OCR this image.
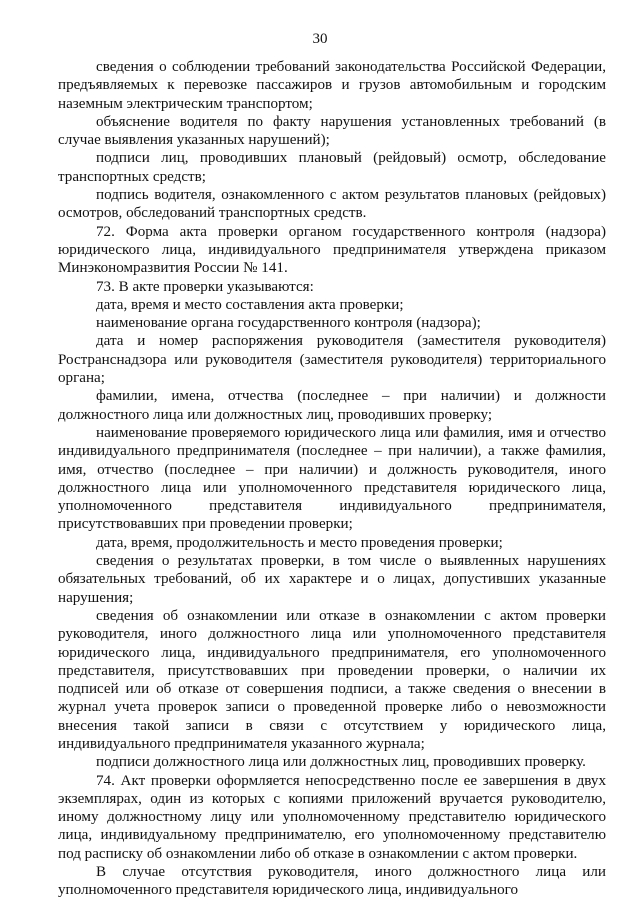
30

сведения о соблюдении требований законодательства Российской Федерации, предъявляемых к перевозке пассажиров и грузов автомобильным и городским наземным электрическим транспортом;

объяснение водителя по факту нарушения установленных требований (в случае выявления указанных нарушений);

подписи лиц, проводивших плановый (рейдовый) осмотр, обследование транспортных средств;

подпись водителя, ознакомленного с актом результатов плановых (рейдовых) осмотров, обследований транспортных средств.

72. Форма акта проверки органом государственного контроля (надзора) юридического лица, индивидуального предпринимателя утверждена приказом Минэкономразвития России № 141.

73. В акте проверки указываются:

дата, время и место составления акта проверки;

наименование органа государственного контроля (надзора);

дата и номер распоряжения руководителя (заместителя руководителя) Ространснадзора или руководителя (заместителя руководителя) территориального органа;

фамилии, имена, отчества (последнее – при наличии) и должности должностного лица или должностных лиц, проводивших проверку;

наименование проверяемого юридического лица или фамилия, имя и отчество индивидуального предпринимателя (последнее – при наличии), а также фамилия, имя, отчество (последнее – при наличии) и должность руководителя, иного должностного лица или уполномоченного представителя юридического лица, уполномоченного представителя индивидуального предпринимателя, присутствовавших при проведении проверки;

дата, время, продолжительность и место проведения проверки;

сведения о результатах проверки, в том числе о выявленных нарушениях обязательных требований, об их характере и о лицах, допустивших указанные нарушения;

сведения об ознакомлении или отказе в ознакомлении с актом проверки руководителя, иного должностного лица или уполномоченного представителя юридического лица, индивидуального предпринимателя, его уполномоченного представителя, присутствовавших при проведении проверки, о наличии их подписей или об отказе от совершения подписи, а также сведения о внесении в журнал учета проверок записи о проведенной проверке либо о невозможности внесения такой записи в связи с отсутствием у юридического лица, индивидуального предпринимателя указанного журнала;

подписи должностного лица или должностных лиц, проводивших проверку.

74. Акт проверки оформляется непосредственно после ее завершения в двух экземплярах, один из которых с копиями приложений вручается руководителю, иному должностному лицу или уполномоченному представителю юридического лица, индивидуальному предпринимателю, его уполномоченному представителю под расписку об ознакомлении либо об отказе в ознакомлении с актом проверки.

В случае отсутствия руководителя, иного должностного лица или уполномоченного представителя юридического лица, индивидуального
